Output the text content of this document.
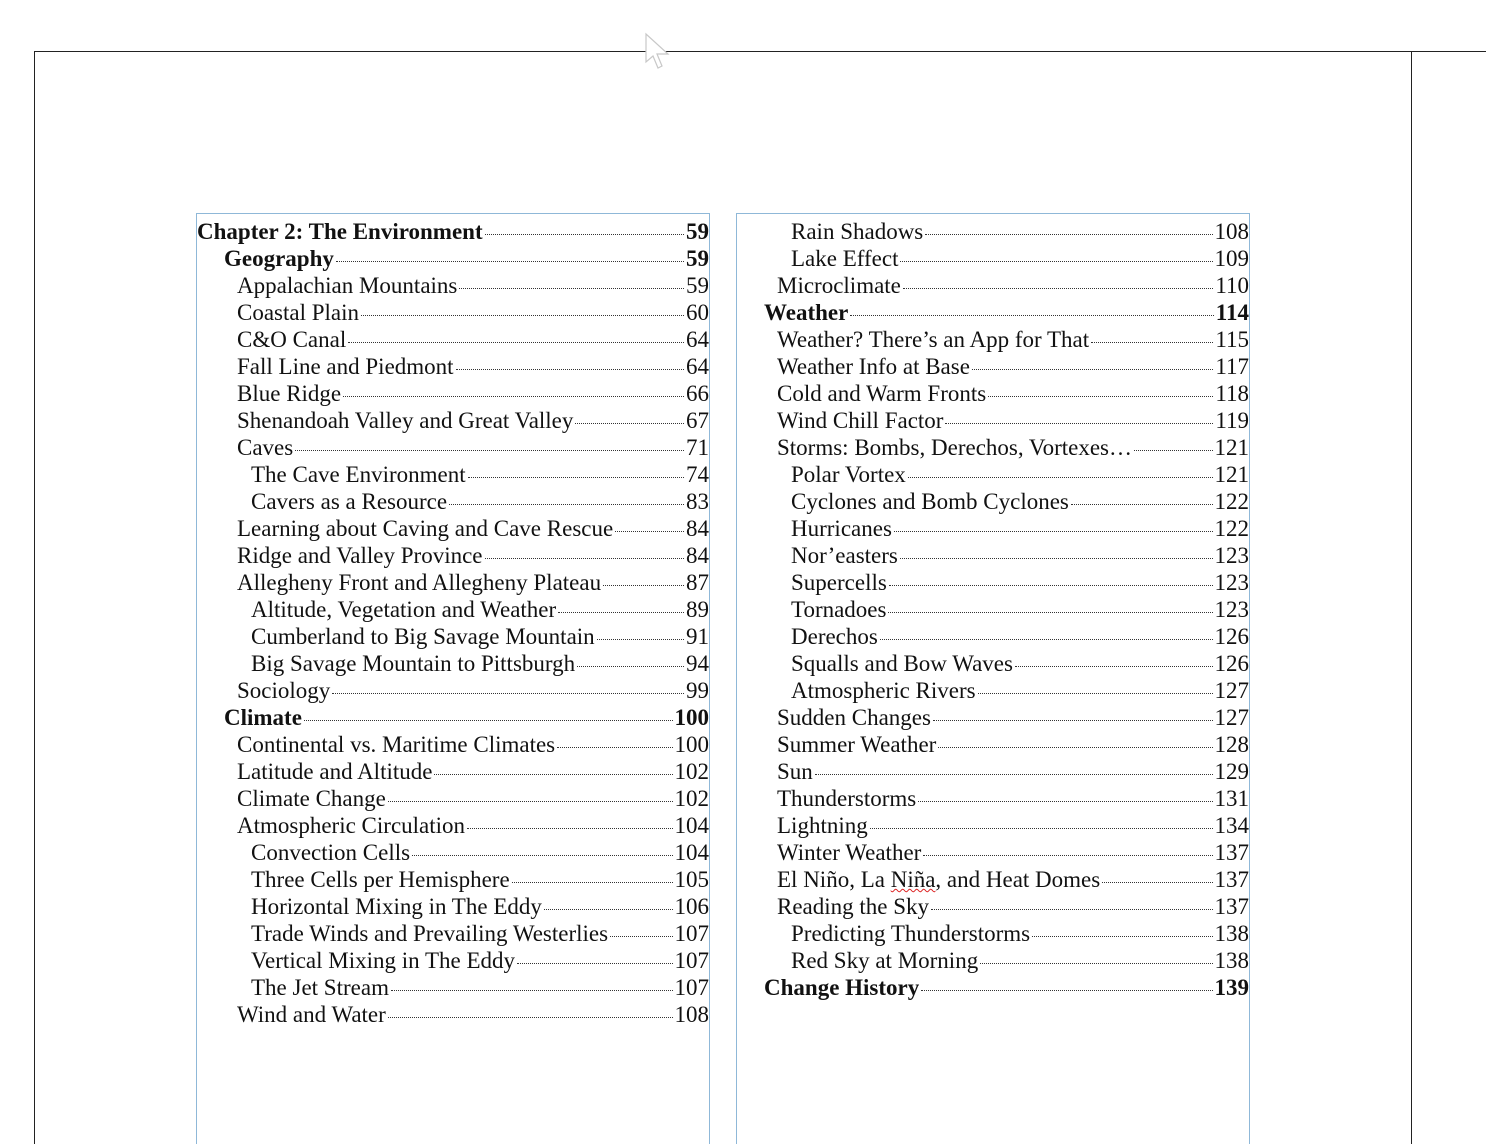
Chapter 2: The Environment	59
Geography	59
Appalachian Mountains	59
Coastal Plain	60
C&O Canal	64
Fall Line and Piedmont	64
Blue Ridge	66
Shenandoah Valley and Great Valley	67
Caves	71
The Cave Environment	74
Cavers as a Resource	83
Learning about Caving and Cave Rescue	84
Ridge and Valley Province	84
Allegheny Front and Allegheny Plateau	87
Altitude, Vegetation and Weather	89
Cumberland to Big Savage Mountain	91
Big Savage Mountain to Pittsburgh	94
Sociology	99
Climate	100
Continental vs. Maritime Climates	100
Latitude and Altitude	102
Climate Change	102
Atmospheric Circulation	104
Convection Cells	104
Three Cells per Hemisphere	105
Horizontal Mixing in The Eddy	106
Trade Winds and Prevailing Westerlies	107
Vertical Mixing in The Eddy	107
The Jet Stream	107
Wind and Water	108
Rain Shadows	108
Lake Effect	109
Microclimate	110
Weather	114
Weather? There’s an App for That	115
Weather Info at Base	117
Cold and Warm Fronts	118
Wind Chill Factor	119
Storms: Bombs, Derechos, Vortexes…	121
Polar Vortex	121
Cyclones and Bomb Cyclones	122
Hurricanes	122
Nor’easters	123
Supercells	123
Tornadoes	123
Derechos	126
Squalls and Bow Waves	126
Atmospheric Rivers	127
Sudden Changes	127
Summer Weather	128
Sun	129
Thunderstorms	131
Lightning	134
Winter Weather	137
El Niño, La Niña, and Heat Domes	137
Reading the Sky	137
Predicting Thunderstorms	138
Red Sky at Morning	138
Change History	139
